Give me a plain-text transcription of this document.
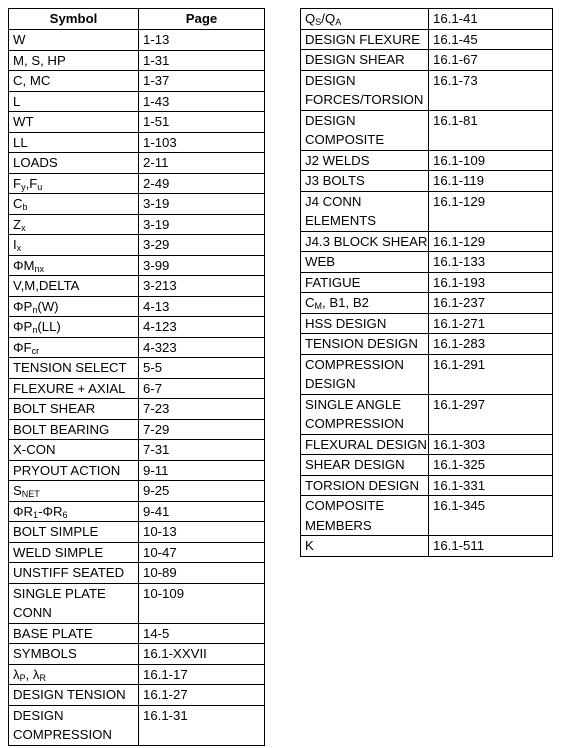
Symbol	Page
W	1-13
M, S, HP	1-31
C, MC	1-37
L	1-43
WT	1-51
LL	1-103
LOADS	2-11
$F_y,F_u$	2-49
$C_b$	3-19
$Z_x$	3-19
$I_x$	3-29
$\Phi M_{nx}$	3-99
V,M,DELTA	3-213
$\Phi P_n(W)$	4-13
$\Phi P_n(LL)$	4-123
$\Phi F_{cr}$	4-323
TENSION SELECT	5-5
FLEXURE + AXIAL	6-7
BOLT SHEAR	7-23
BOLT BEARING	7-29
X-CON	7-31
PRYOUT ACTION	9-11
$S_{NET}$	9-25
$\Phi R_1-\Phi R_6$	9-41
BOLT SIMPLE	10-13
WELD SIMPLE	10-47
UNSTIFF SEATED	10-89
SINGLE PLATE CONN	10-109
BASE PLATE	14-5
SYMBOLS	16.1-XXVII
$\lambda_P$, $\lambda_R$	16.1-17
DESIGN TENSION	16.1-27
DESIGN COMPRESSION	16.1-31
$Q_S/Q_A$	16.1-41
DESIGN FLEXURE	16.1-45
DESIGN SHEAR	16.1-67
DESIGN FORCES/TORSION	16.1-73
DESIGN COMPOSITE	16.1-81
J2 WELDS	16.1-109
J3 BOLTS	16.1-119
J4 CONN ELEMENTS	16.1-129
J4.3 BLOCK SHEAR	16.1-129
WEB	16.1-133
FATIGUE	16.1-193
$C_M$, B1, B2	16.1-237
HSS DESIGN	16.1-271
TENSION DESIGN	16.1-283
COMPRESSION DESIGN	16.1-291
SINGLE ANGLE COMPRESSION	16.1-297
FLEXURAL DESIGN	16.1-303
SHEAR DESIGN	16.1-325
TORSION DESIGN	16.1-331
COMPOSITE MEMBERS	16.1-345
K	16.1-511
